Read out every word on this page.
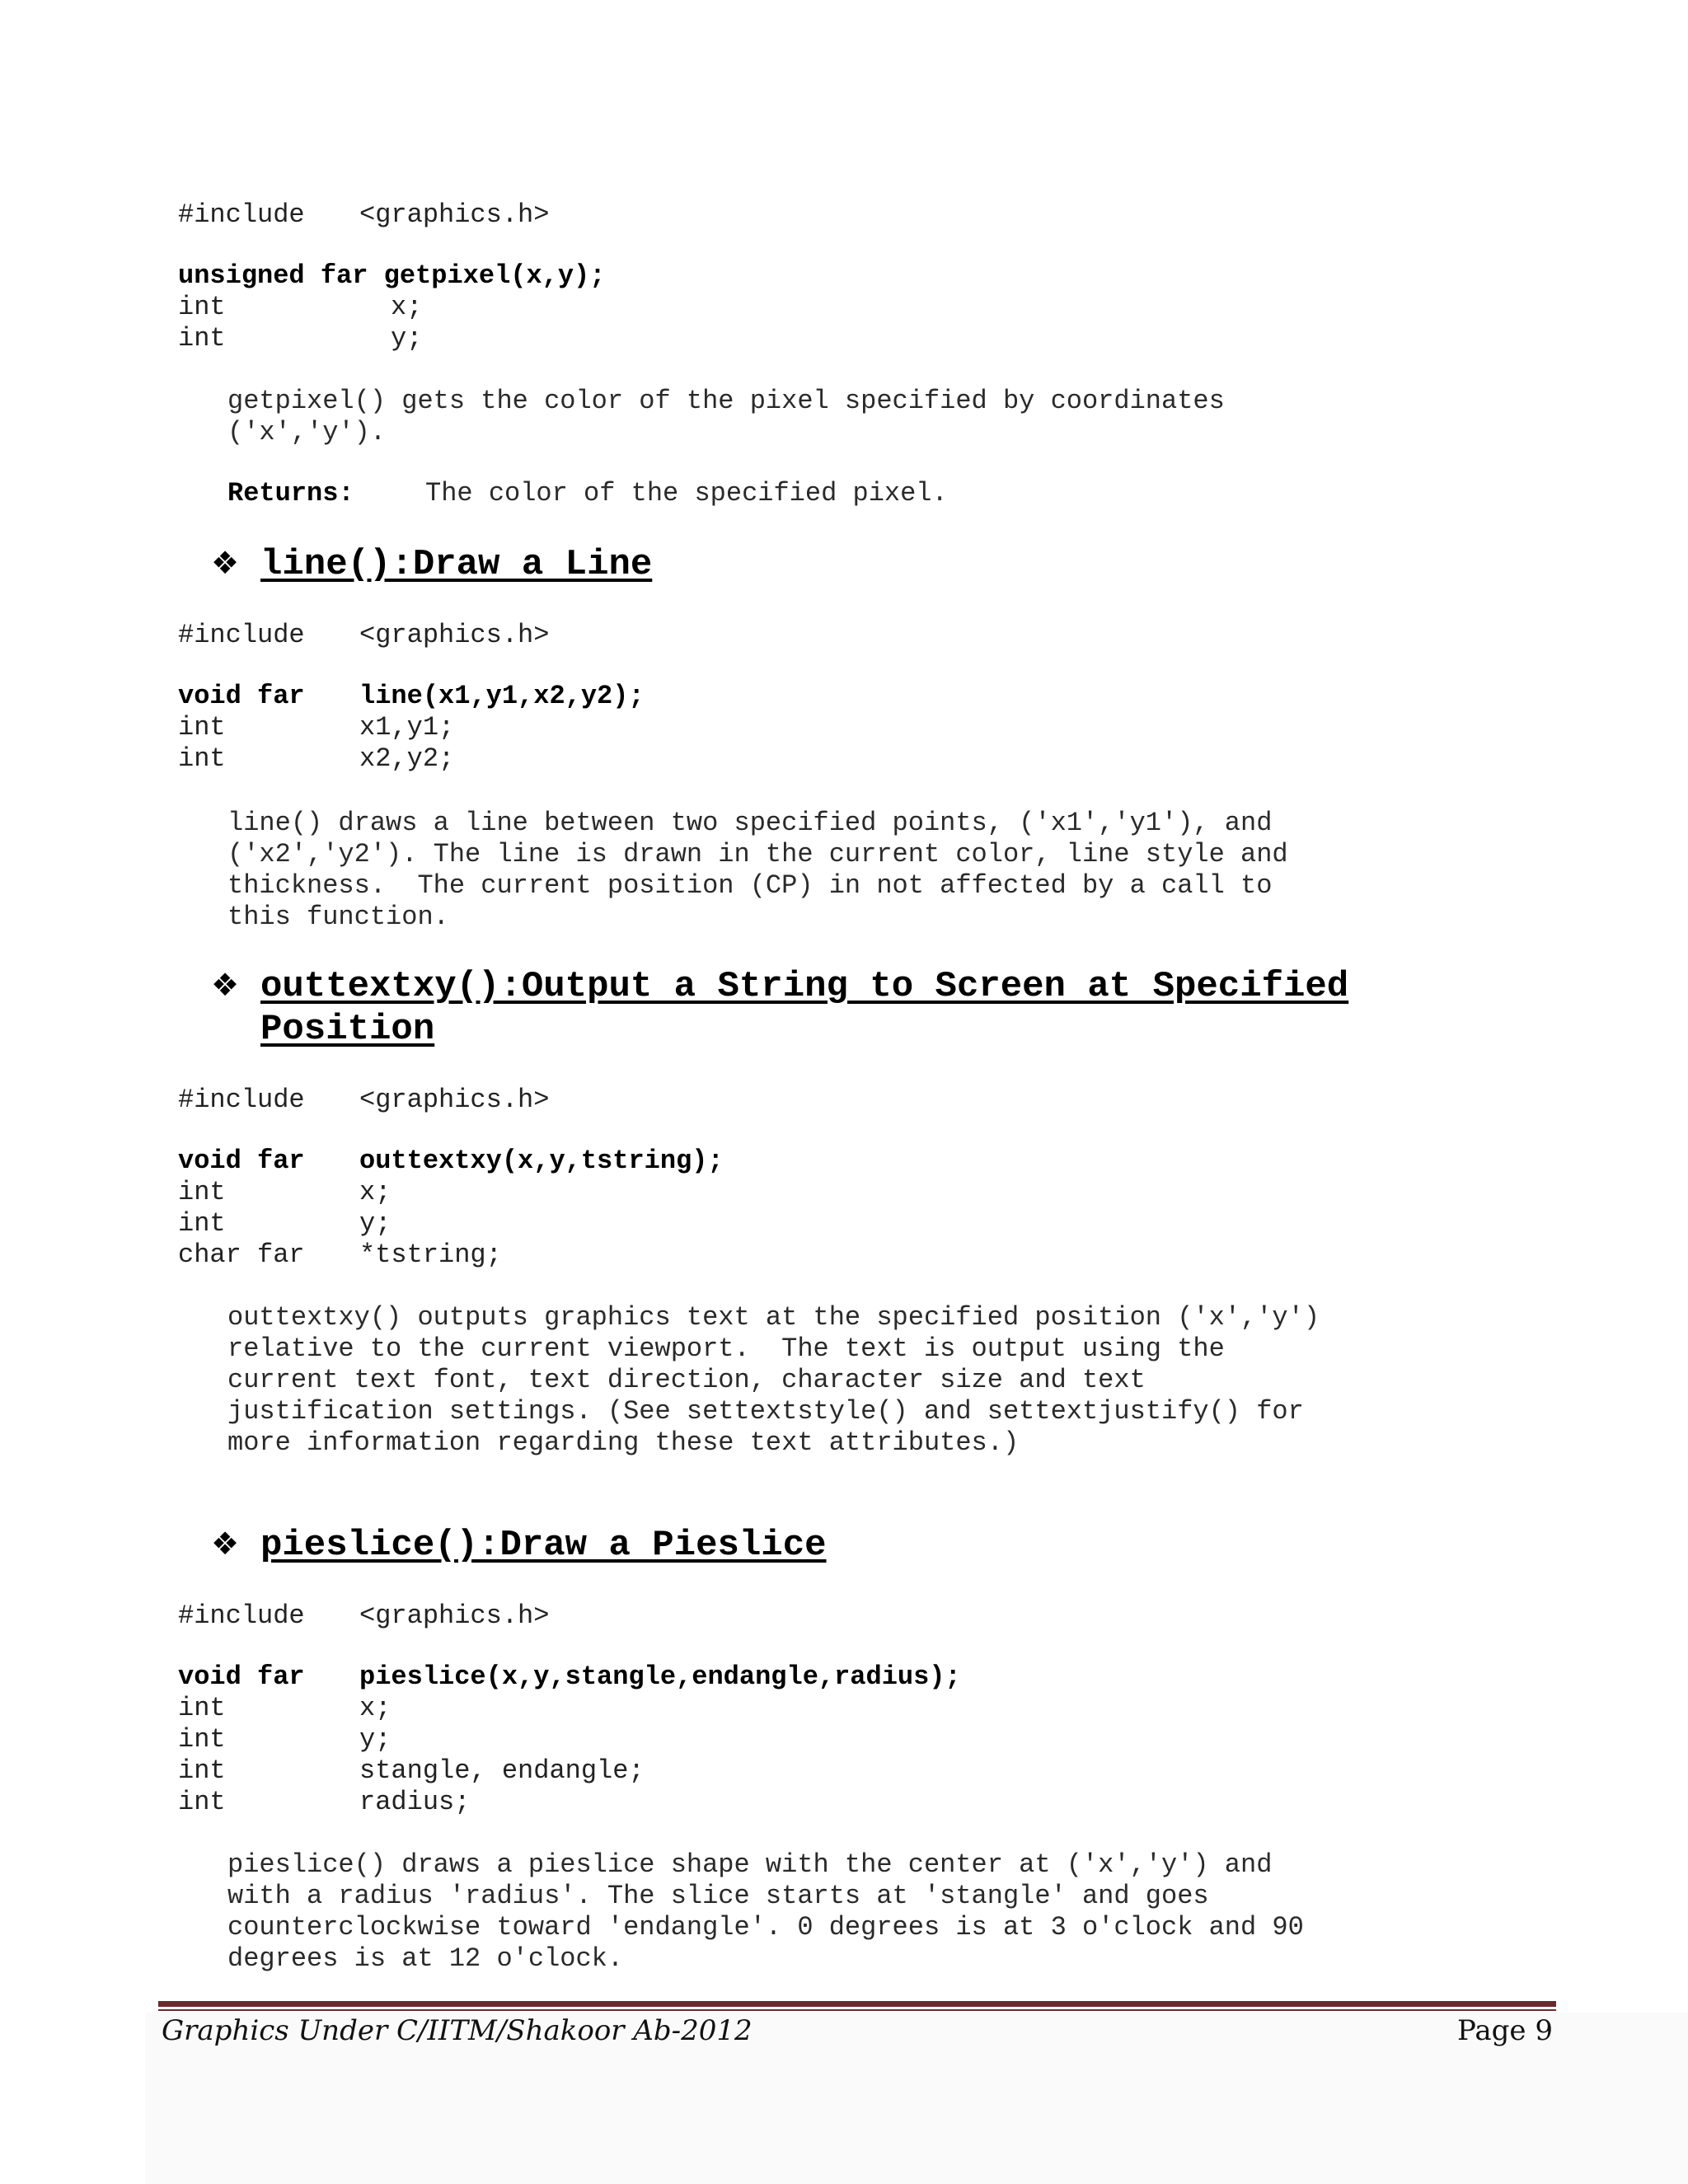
#include <graphics.h>
unsigned far getpixel(x,y);
int	x;
int	y;
getpixel() gets the color of the pixel specified by coordinates
('x','y').
Returns:	The color of the specified pixel.
❖ line():Draw a Line
#include <graphics.h>
void far line(x1,y1,x2,y2);
int	x1,y1;
int	x2,y2;
line() draws a line between two specified points, ('x1','y1'), and
('x2','y2'). The line is drawn in the current color, line style and
thickness.  The current position (CP) in not affected by a call to
this function.
❖ outtextxy():Output a String to Screen at Specified
Position
#include <graphics.h>
void far outtextxy(x,y,tstring);
int	x;
int	y;
char far *tstring;
outtextxy() outputs graphics text at the specified position ('x','y')
relative to the current viewport.  The text is output using the
current text font, text direction, character size and text
justification settings. (See settextstyle() and settextjustify() for
more information regarding these text attributes.)
❖ pieslice():Draw a Pieslice
#include <graphics.h>
void far pieslice(x,y,stangle,endangle,radius);
int	x;
int	y;
int	stangle, endangle;
int	radius;
pieslice() draws a pieslice shape with the center at ('x','y') and
with a radius 'radius'. The slice starts at 'stangle' and goes
counterclockwise toward 'endangle'. 0 degrees is at 3 o'clock and 90
degrees is at 12 o'clock.
Graphics Under C/IITM/Shakoor Ab-2012	Page 9
